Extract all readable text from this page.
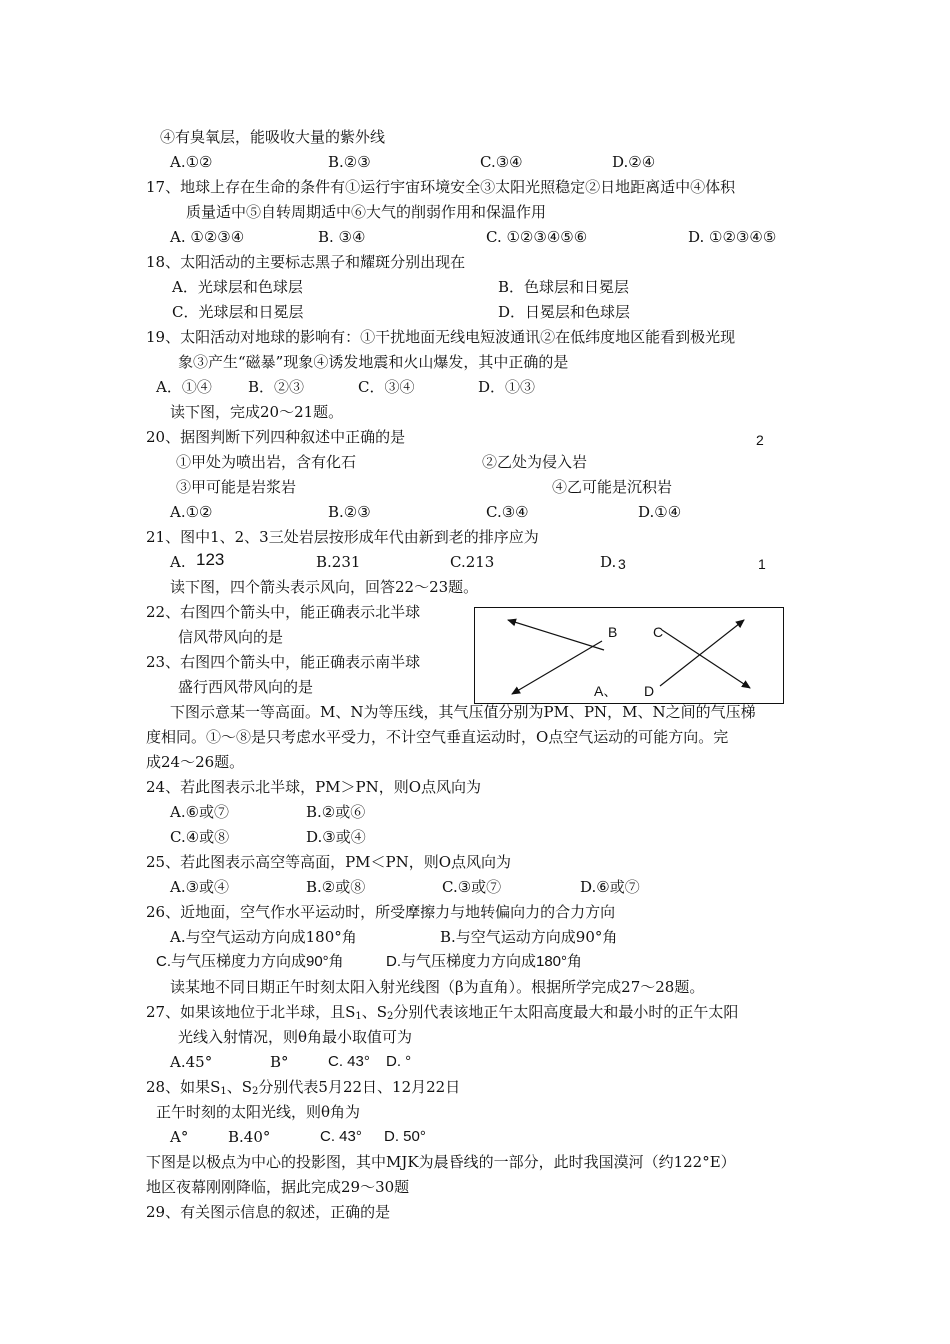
④有臭氧层，能吸收大量的紫外线
A.①②	B.②③	C.③④	D.②④
17、地球上存在生命的条件有①运行宇宙环境安全③太阳光照稳定②日地距离适中④体积
质量适中⑤自转周期适中⑥大气的削弱作用和保温作用
A. ①②③④	B. ③④	C. ①②③④⑤⑥	D. ①②③④⑤
18、太阳活动的主要标志黑子和耀斑分别出现在
A．光球层和色球层	B．色球层和日冕层
C．光球层和日冕层	D．日冕层和色球层
19、太阳活动对地球的影响有：①干扰地面无线电短波通讯②在低纬度地区能看到极光现
象③产生“磁暴”现象④诱发地震和火山爆发，其中正确的是
A．①④ B．②③	C．③④	D．①③
读下图，完成20～21题。
20、据图判断下列四种叙述中正确的是	2
①甲处为喷出岩，含有化石	②乙处为侵入岩
③甲可能是岩浆岩	④乙可能是沉积岩
A.①②	B.②③	C.③④	D.①④
21、图中1、2、3三处岩层按形成年代由新到老的排序应为
A. 123	B.231	C.213	D. 3	1
读下图，四个箭头表示风向，回答22～23题。
22、右图四个箭头中，能正确表示北半球
信风带风向的是
23、右图四个箭头中，能正确表示南半球
盛行西风带风向的是
B	C
A、 D
下图示意某一等高面。M、N为等压线，其气压值分别为PM、PN，M、N之间的气压梯
度相同。①～⑧是只考虑水平受力，不计空气垂直运动时，O点空气运动的可能方向。完
成24～26题。
24、若此图表示北半球，PM＞PN，则O点风向为
A.⑥或⑦	B.②或⑥
C.④或⑧	D.③或④
25、若此图表示高空等高面，PM＜PN，则O点风向为
A.③或④	B.②或⑧	C.③或⑦	D.⑥或⑦
26、近地面，空气作水平运动时，所受摩擦力与地转偏向力的合力方向
A.与空气运动方向成180°角	B.与空气运动方向成90°角
C.与气压梯度力方向成90°角	D.与气压梯度力方向成180°角
读某地不同日期正午时刻太阳入射光线图（β为直角）。根据所学完成27～28题。
27、如果该地位于北半球，且$S_1$、$S_2$分别代表该地正午太阳高度最大和最小时的正午太阳
光线入射情况，则θ角最小取值可为
A.45°	B°	C. 43° D. °
28、如果$S_1$、$S_2$分别代表5月22日、12月22日
正午时刻的太阳光线，则θ角为
A°	B.40°	C. 43° D. 50°
下图是以极点为中心的投影图，其中MJK为晨昏线的一部分，此时我国漠河（约122°E）
地区夜幕刚刚降临，据此完成29～30题
29、有关图示信息的叙述，正确的是
